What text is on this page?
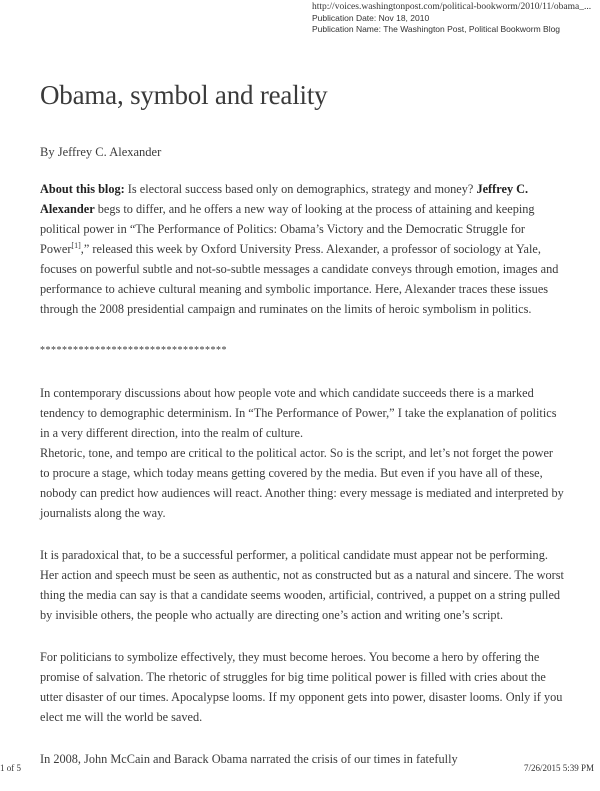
http://voices.washingtonpost.com/political-bookworm/2010/11/obama_...
Publication Date: Nov 18, 2010
Publication Name: The Washington Post, Political Bookworm Blog
Obama, symbol and reality
By Jeffrey C. Alexander

About this blog: Is electoral success based only on demographics, strategy and money? Jeffrey C. Alexander begs to differ, and he offers a new way of looking at the process of attaining and keeping political power in “The Performance of Politics: Obama’s Victory and the Democratic Struggle for Power[1],” released this week by Oxford University Press. Alexander, a professor of sociology at Yale, focuses on powerful subtle and not-so-subtle messages a candidate conveys through emotion, images and performance to achieve cultural meaning and symbolic importance. Here, Alexander traces these issues through the 2008 presidential campaign and ruminates on the limits of heroic symbolism in politics.

**********************************

In contemporary discussions about how people vote and which candidate succeeds there is a marked tendency to demographic determinism. In “The Performance of Power,” I take the explanation of politics in a very different direction, into the realm of culture.

Rhetoric, tone, and tempo are critical to the political actor. So is the script, and let’s not forget the power to procure a stage, which today means getting covered by the media. But even if you have all of these, nobody can predict how audiences will react. Another thing: every message is mediated and interpreted by journalists along the way.

It is paradoxical that, to be a successful performer, a political candidate must appear not be performing. Her action and speech must be seen as authentic, not as constructed but as a natural and sincere. The worst thing the media can say is that a candidate seems wooden, artificial, contrived, a puppet on a string pulled by invisible others, the people who actually are directing one’s action and writing one’s script.

For politicians to symbolize effectively, they must become heroes. You become a hero by offering the promise of salvation. The rhetoric of struggles for big time political power is filled with cries about the utter disaster of our times. Apocalypse looms. If my opponent gets into power, disaster looms. Only if you elect me will the world be saved.

In 2008, John McCain and Barack Obama narrated the crisis of our times in fatefully

1 of 5	7/26/2015 5:39 PM
